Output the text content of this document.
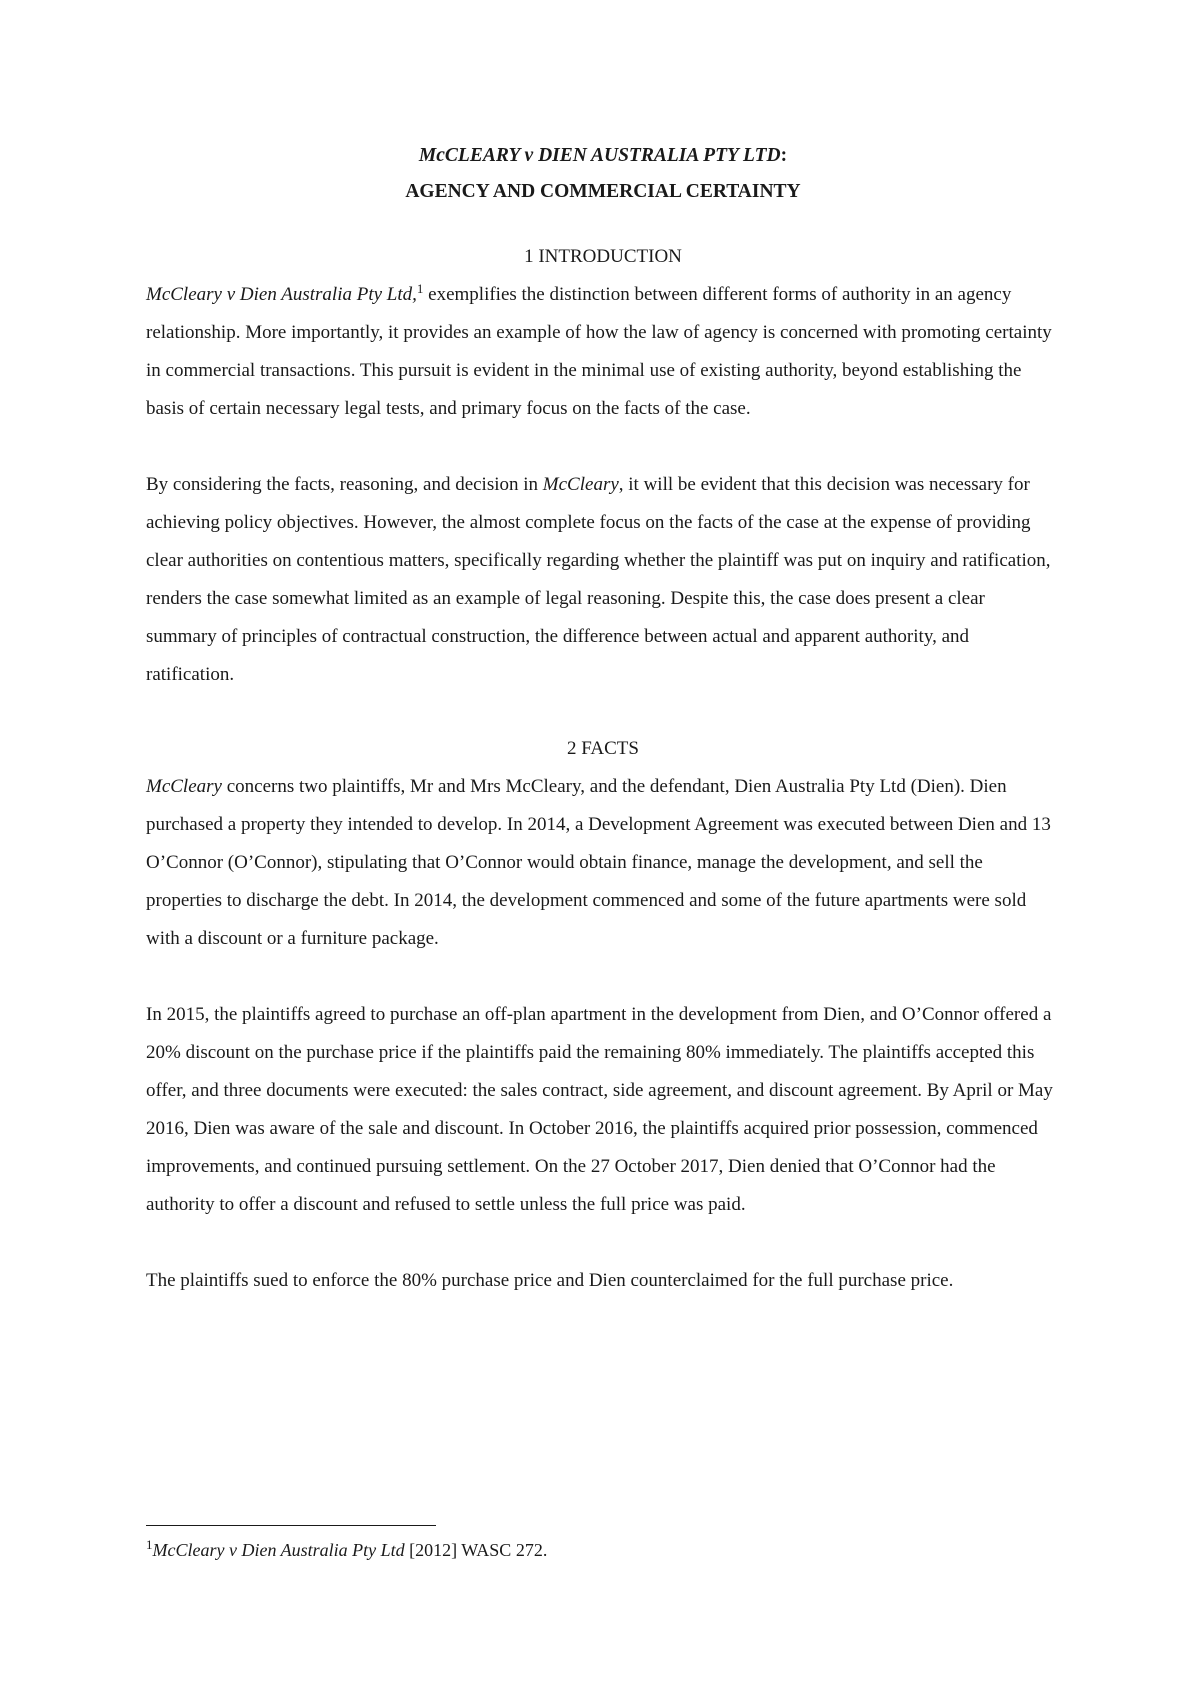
McCLEARY v DIEN AUSTRALIA PTY LTD:
AGENCY AND COMMERCIAL CERTAINTY
1 INTRODUCTION

McCleary v Dien Australia Pty Ltd,$^1$ exemplifies the distinction between different forms of authority in an agency relationship. More importantly, it provides an example of how the law of agency is concerned with promoting certainty in commercial transactions. This pursuit is evident in the minimal use of existing authority, beyond establishing the basis of certain necessary legal tests, and primary focus on the facts of the case.

By considering the facts, reasoning, and decision in McCleary, it will be evident that this decision was necessary for achieving policy objectives. However, the almost complete focus on the facts of the case at the expense of providing clear authorities on contentious matters, specifically regarding whether the plaintiff was put on inquiry and ratification, renders the case somewhat limited as an example of legal reasoning. Despite this, the case does present a clear summary of principles of contractual construction, the difference between actual and apparent authority, and ratification.

2 FACTS

McCleary concerns two plaintiffs, Mr and Mrs McCleary, and the defendant, Dien Australia Pty Ltd (Dien). Dien purchased a property they intended to develop. In 2014, a Development Agreement was executed between Dien and 13 O’Connor (O’Connor), stipulating that O’Connor would obtain finance, manage the development, and sell the properties to discharge the debt. In 2014, the development commenced and some of the future apartments were sold with a discount or a furniture package.

In 2015, the plaintiffs agreed to purchase an off-plan apartment in the development from Dien, and O’Connor offered a 20% discount on the purchase price if the plaintiffs paid the remaining 80% immediately. The plaintiffs accepted this offer, and three documents were executed: the sales contract, side agreement, and discount agreement. By April or May 2016, Dien was aware of the sale and discount. In October 2016, the plaintiffs acquired prior possession, commenced improvements, and continued pursuing settlement. On the 27 October 2017, Dien denied that O’Connor had the authority to offer a discount and refused to settle unless the full price was paid.

The plaintiffs sued to enforce the 80% purchase price and Dien counterclaimed for the full purchase price.

$^1$McCleary v Dien Australia Pty Ltd [2012] WASC 272.
